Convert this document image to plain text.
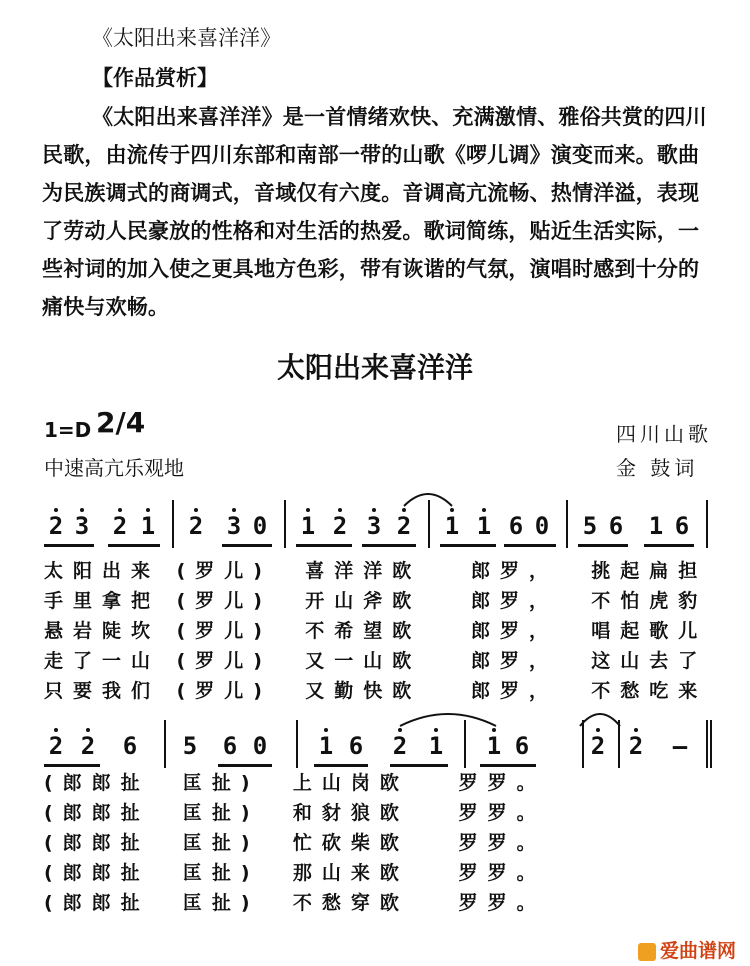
《太阳出来喜洋洋》
【作品赏析】
《太阳出来喜洋洋》是一首情绪欢快、充满激情、雅俗共赏的四川民歌，由流传于四川东部和南部一带的山歌《啰儿调》演变而来。歌曲为民族调式的商调式，音域仅有六度。音调高亢流畅、热情洋溢，表现了劳动人民豪放的性格和对生活的热爱。歌词简练，贴近生活实际，一些衬词的加入使之更具地方色彩，带有诙谐的气氛，演唱时感到十分的痛快与欢畅。
太阳出来喜洋洋
1=D 2/4
中速高亢乐观地
四川山歌
金 鼓词
2 3 2 1 2 3 0 1 2 3 2 1 1 6 0 5 6 1 6
太阳出来 (罗儿)  喜洋洋欧   郎罗，  挑起扁担
手里拿把 (罗儿)  开山斧欧   郎罗，  不怕虎豹
悬岩陡坎 (罗儿)  不希望欧   郎罗，  唱起歌儿
走了一山 (罗儿)  又一山欧   郎罗，  这山去了
只要我们 (罗儿)  又勤快欧   郎罗，  不愁吃来
2 2 6 5 6 0 1 6 2 1 1 6	2 2 –
(郎郎扯  匡扯)  上山岗欧   罗罗。
(郎郎扯  匡扯)  和豺狼欧   罗罗。
(郎郎扯  匡扯)  忙砍柴欧   罗罗。
(郎郎扯  匡扯)  那山来欧   罗罗。
(郎郎扯  匡扯)  不愁穿欧   罗罗。
爱曲谱网
